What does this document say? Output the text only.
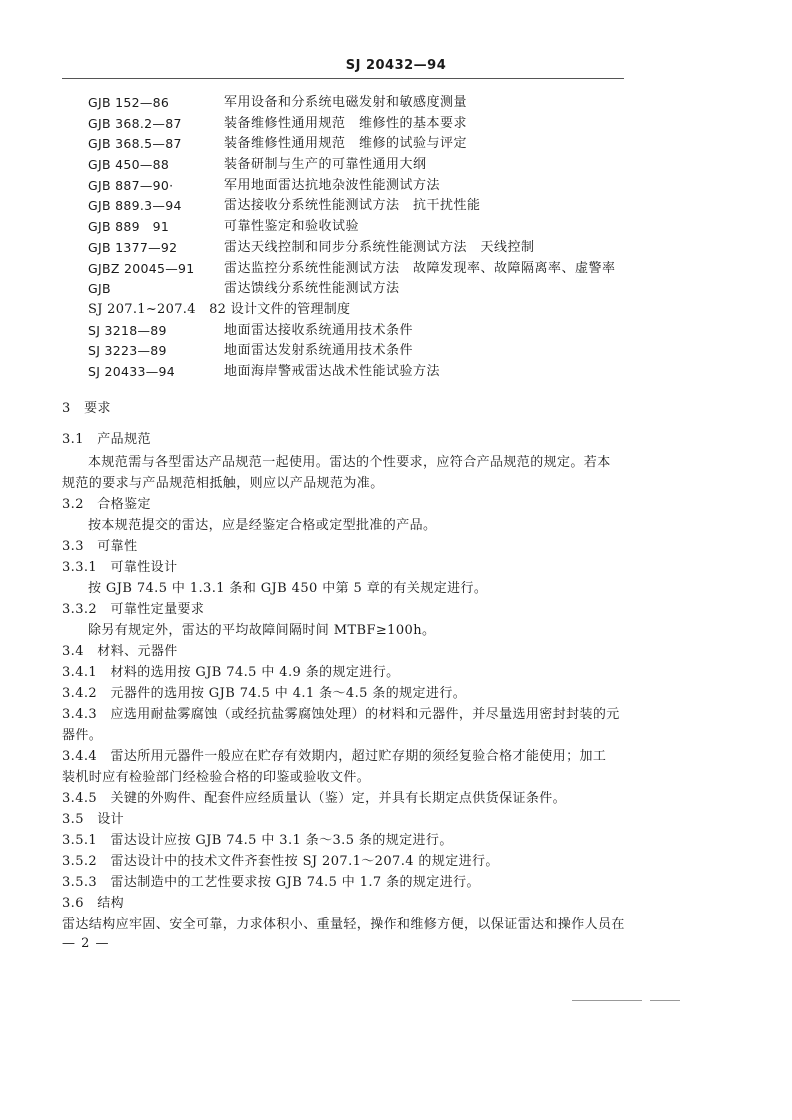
SJ 20432—94
GJB 152—86	军用设备和分系统电磁发射和敏感度测量
GJB 368.2—87	装备维修性通用规范　维修性的基本要求
GJB 368.5—87	装备维修性通用规范　维修的试验与评定
GJB 450—88	装备研制与生产的可靠性通用大纲
GJB 887—90·	军用地面雷达抗地杂波性能测试方法
GJB 889.3—94	雷达接收分系统性能测试方法　抗干扰性能
GJB 889　91	可靠性鉴定和验收试验
GJB 1377—92	雷达天线控制和同步分系统性能测试方法　天线控制
GJBZ 20045—91 雷达监控分系统性能测试方法　故障发现率、故障隔离率、虚警率
GJB	雷达馈线分系统性能测试方法
SJ 207.1~207.4　82 设计文件的管理制度
SJ 3218—89	地面雷达接收系统通用技术条件
SJ 3223—89	地面雷达发射系统通用技术条件
SJ 20433—94	地面海岸警戒雷达战术性能试验方法
3　要求
3.1　产品规范
本规范需与各型雷达产品规范一起使用。雷达的个性要求，应符合产品规范的规定。若本
规范的要求与产品规范相抵触，则应以产品规范为准。
3.2　合格鉴定
按本规范提交的雷达，应是经鉴定合格或定型批准的产品。
3.3　可靠性
3.3.1　可靠性设计
按 GJB 74.5 中 1.3.1 条和 GJB 450 中第 5 章的有关规定进行。
3.3.2　可靠性定量要求
除另有规定外，雷达的平均故障间隔时间 MTBF≥100h。
3.4　材料、元器件
3.4.1　材料的选用按 GJB 74.5 中 4.9 条的规定进行。
3.4.2　元器件的选用按 GJB 74.5 中 4.1 条～4.5 条的规定进行。
3.4.3　应选用耐盐雾腐蚀（或经抗盐雾腐蚀处理）的材料和元器件，并尽量选用密封封装的元
器件。
3.4.4　雷达所用元器件一般应在贮存有效期内，超过贮存期的须经复验合格才能使用；加工
装机时应有检验部门经检验合格的印鉴或验收文件。
3.4.5　关键的外购件、配套件应经质量认（鉴）定，并具有长期定点供货保证条件。
3.5　设计
3.5.1　雷达设计应按 GJB 74.5 中 3.1 条～3.5 条的规定进行。
3.5.2　雷达设计中的技术文件齐套性按 SJ 207.1～207.4 的规定进行。
3.5.3　雷达制造中的工艺性要求按 GJB 74.5 中 1.7 条的规定进行。
3.6　结构
雷达结构应牢固、安全可靠，力求体积小、重量轻，操作和维修方便，以保证雷达和操作人员在
— 2 —
